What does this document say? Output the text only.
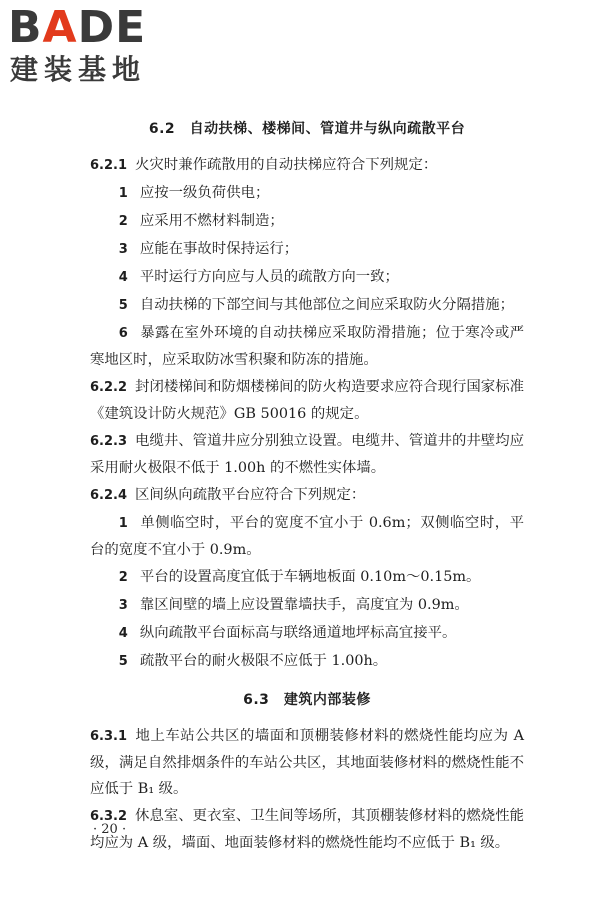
BADE
建装基地
6.2　自动扶梯、楼梯间、管道井与纵向疏散平台
6.2.1 火灾时兼作疏散用的自动扶梯应符合下列规定：
1 应按一级负荷供电；
2 应采用不燃材料制造；
3 应能在事故时保持运行；
4 平时运行方向应与人员的疏散方向一致；
5 自动扶梯的下部空间与其他部位之间应采取防火分隔措施；
6 暴露在室外环境的自动扶梯应采取防滑措施；位于寒冷或严寒地区时，应采取防冰雪积聚和防冻的措施。
6.2.2 封闭楼梯间和防烟楼梯间的防火构造要求应符合现行国家标准《建筑设计防火规范》GB 50016 的规定。
6.2.3 电缆井、管道井应分别独立设置。电缆井、管道井的井壁均应采用耐火极限不低于 1.00h 的不燃性实体墙。
6.2.4 区间纵向疏散平台应符合下列规定：
1 单侧临空时，平台的宽度不宜小于 0.6m；双侧临空时，平台的宽度不宜小于 0.9m。
2 平台的设置高度宜低于车辆地板面 0.10m～0.15m。
3 靠区间壁的墙上应设置靠墙扶手，高度宜为 0.9m。
4 纵向疏散平台面标高与联络通道地坪标高宜接平。
5 疏散平台的耐火极限不应低于 1.00h。
6.3　建筑内部装修
6.3.1 地上车站公共区的墙面和顶棚装修材料的燃烧性能均应为 A 级，满足自然排烟条件的车站公共区，其地面装修材料的燃烧性能不应低于 B₁ 级。
6.3.2 休息室、更衣室、卫生间等场所，其顶棚装修材料的燃烧性能均应为 A 级，墙面、地面装修材料的燃烧性能均不应低于 B₁ 级。
· 20 ·
